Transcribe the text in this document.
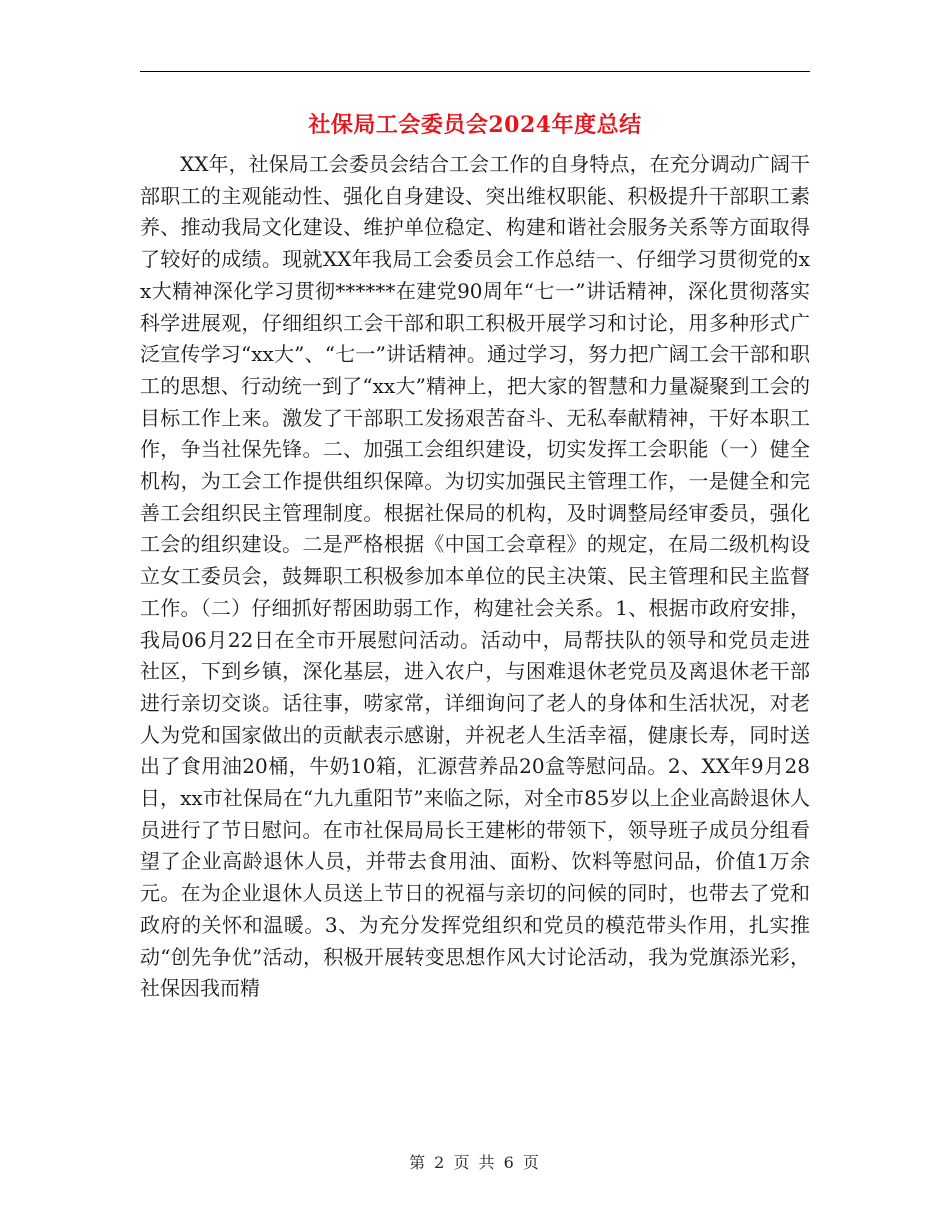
社保局工会委员会2024年度总结

XX年，社保局工会委员会结合工会工作的自身特点，在充分调动广阔干部职工的主观能动性、强化自身建设、突出维权职能、积极提升干部职工素养、推动我局文化建设、维护单位稳定、构建和谐社会服务关系等方面取得了较好的成绩。现就XX年我局工会委员会工作总结一、仔细学习贯彻党的xx大精神深化学习贯彻******在建党90周年“七一”讲话精神，深化贯彻落实科学进展观，仔细组织工会干部和职工积极开展学习和讨论，用多种形式广泛宣传学习“xx大”、“七一”讲话精神。通过学习，努力把广阔工会干部和职工的思想、行动统一到了“xx大”精神上，把大家的智慧和力量凝聚到工会的目标工作上来。激发了干部职工发扬艰苦奋斗、无私奉献精神，干好本职工作，争当社保先锋。二、加强工会组织建设，切实发挥工会职能（一）健全机构，为工会工作提供组织保障。为切实加强民主管理工作，一是健全和完善工会组织民主管理制度。根据社保局的机构，及时调整局经审委员，强化工会的组织建设。二是严格根据《中国工会章程》的规定，在局二级机构设立女工委员会，鼓舞职工积极参加本单位的民主决策、民主管理和民主监督工作。（二）仔细抓好帮困助弱工作，构建社会关系。1、根据市政府安排，我局06月22日在全市开展慰问活动。活动中，局帮扶队的领导和党员走进社区，下到乡镇，深化基层，进入农户，与困难退休老党员及离退休老干部进行亲切交谈。话往事，唠家常，详细询问了老人的身体和生活状况，对老人为党和国家做出的贡献表示感谢，并祝老人生活幸福，健康长寿，同时送出了食用油20桶，牛奶10箱，汇源营养品20盒等慰问品。2、XX年9月28日，xx市社保局在“九九重阳节”来临之际，对全市85岁以上企业高龄退休人员进行了节日慰问。在市社保局局长王建彬的带领下，领导班子成员分组看望了企业高龄退休人员，并带去食用油、面粉、饮料等慰问品，价值1万余元。在为企业退休人员送上节日的祝福与亲切的问候的同时，也带去了党和政府的关怀和温暖。3、为充分发挥党组织和党员的模范带头作用，扎实推动“创先争优”活动，积极开展转变思想作风大讨论活动，我为党旗添光彩，社保因我而精

第 2 页 共 6 页
